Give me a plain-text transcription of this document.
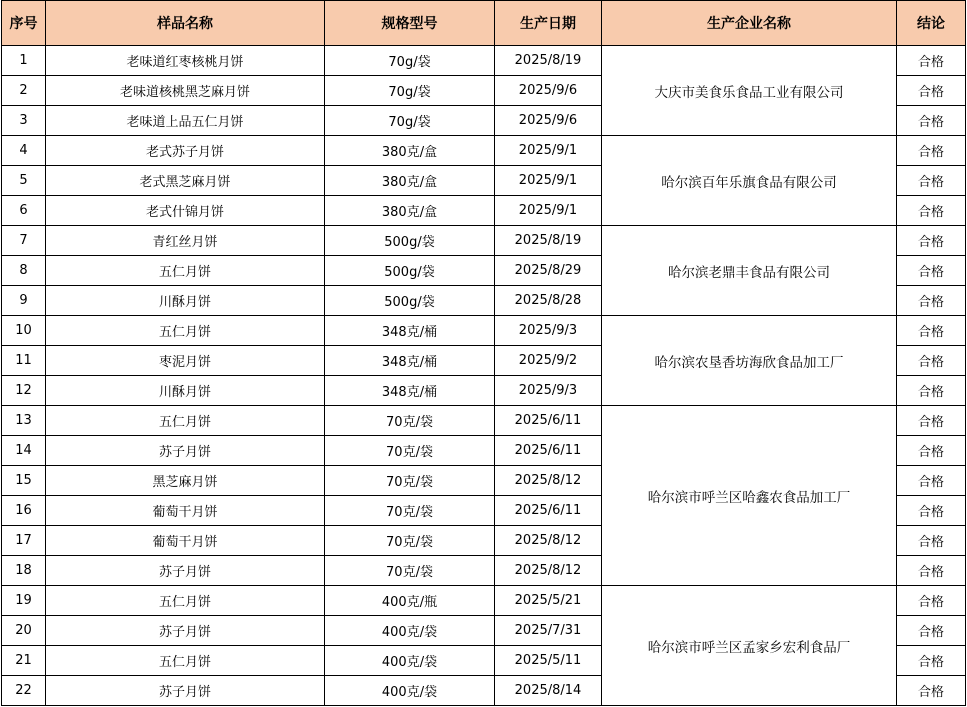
序号	样品名称	规格型号	生产日期	生产企业名称	结论
1	老味道红枣核桃月饼	70g/袋	2025/8/19	大庆市美食乐食品工业有限公司	合格
2	老味道核桃黑芝麻月饼	70g/袋	2025/9/6		合格
3	老味道上品五仁月饼	70g/袋	2025/9/6		合格
4	老式苏子月饼	380克/盒	2025/9/1	哈尔滨百年乐旗食品有限公司	合格
5	老式黑芝麻月饼	380克/盒	2025/9/1		合格
6	老式什锦月饼	380克/盒	2025/9/1		合格
7	青红丝月饼	500g/袋	2025/8/19	哈尔滨老鼎丰食品有限公司	合格
8	五仁月饼	500g/袋	2025/8/29		合格
9	川酥月饼	500g/袋	2025/8/28		合格
10	五仁月饼	348克/桶	2025/9/3	哈尔滨农垦香坊海欣食品加工厂	合格
11	枣泥月饼	348克/桶	2025/9/2		合格
12	川酥月饼	348克/桶	2025/9/3		合格
13	五仁月饼	70克/袋	2025/6/11	哈尔滨市呼兰区哈鑫农食品加工厂	合格
14	苏子月饼	70克/袋	2025/6/11		合格
15	黑芝麻月饼	70克/袋	2025/8/12		合格
16	葡萄干月饼	70克/袋	2025/6/11		合格
17	葡萄干月饼	70克/袋	2025/8/12		合格
18	苏子月饼	70克/袋	2025/8/12		合格
19	五仁月饼	400克/瓶	2025/5/21	哈尔滨市呼兰区孟家乡宏利食品厂	合格
20	苏子月饼	400克/袋	2025/7/31		合格
21	五仁月饼	400克/袋	2025/5/11		合格
22	苏子月饼	400克/袋	2025/8/14		合格
